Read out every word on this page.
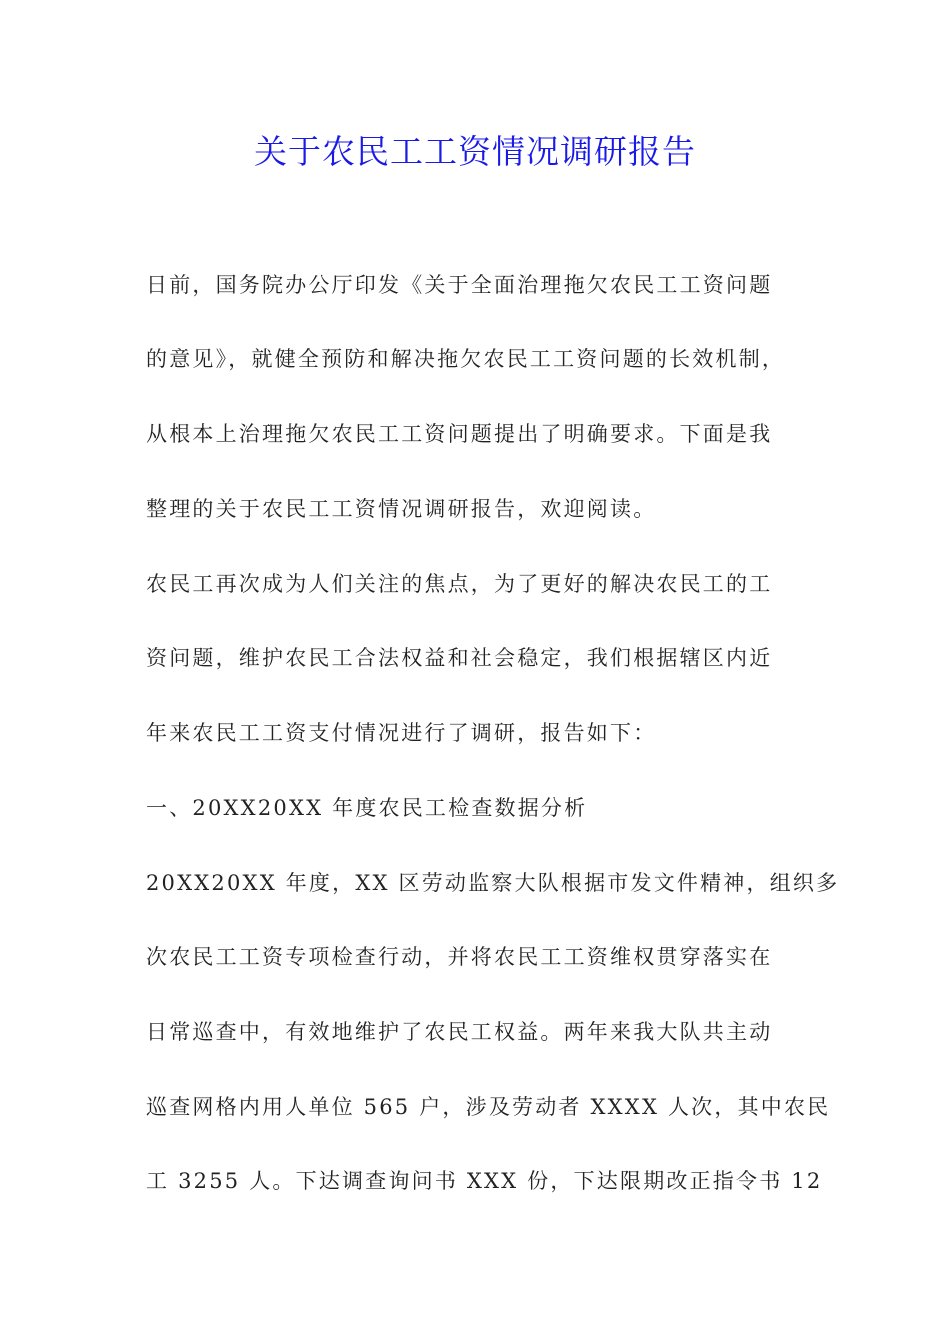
关于农民工工资情况调研报告

日前，国务院办公厅印发《关于全面治理拖欠农民工工资问题

的意见》，就健全预防和解决拖欠农民工工资问题的长效机制，

从根本上治理拖欠农民工工资问题提出了明确要求。下面是我

整理的关于农民工工资情况调研报告，欢迎阅读。

农民工再次成为人们关注的焦点，为了更好的解决农民工的工

资问题，维护农民工合法权益和社会稳定，我们根据辖区内近

年来农民工工资支付情况进行了调研，报告如下：

一、20XX20XX 年度农民工检查数据分析

20XX20XX 年度，XX 区劳动监察大队根据市发文件精神，组织多

次农民工工资专项检查行动，并将农民工工资维权贯穿落实在

日常巡查中，有效地维护了农民工权益。两年来我大队共主动

巡查网格内用人单位 565 户，涉及劳动者 XXXX 人次，其中农民

工 3255 人。下达调查询问书 XXX 份，下达限期改正指令书 12
